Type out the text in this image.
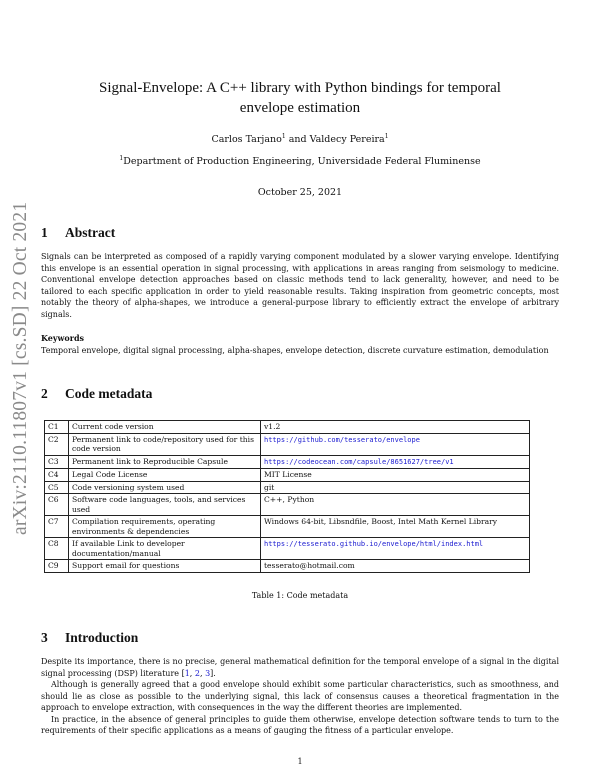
arXiv:2110.11807v1 [cs.SD] 22 Oct 2021
Signal-Envelope: A C++ library with Python bindings for temporal
envelope estimation
Carlos Tarjano$^1$ and Valdecy Pereira$^1$
$^1$Department of Production Engineering, Universidade Federal Fluminense
October 25, 2021
1 Abstract

Signals can be interpreted as composed of a rapidly varying component modulated by a slower varying envelope. Identifying this envelope is an essential operation in signal processing, with applications in areas ranging from seismology to medicine. Conventional envelope detection approaches based on classic methods tend to lack generality, however, and need to be tailored to each specific application in order to yield reasonable results. Taking inspiration from geometric concepts, most notably the theory of alpha-shapes, we introduce a general-purpose library to efficiently extract the envelope of arbitrary signals.

Keywords

Temporal envelope, digital signal processing, alpha-shapes, envelope detection, discrete curvature estimation, demodulation

2 Code metadata
C1	Current code version	v1.2
C2	Permanent link to code/repository used for this code version	https://github.com/tesserato/envelope
C3	Permanent link to Reproducible Capsule	https://codeocean.com/capsule/8651627/tree/v1
C4	Legal Code License	MIT License
C5	Code versioning system used	git
C6	Software code languages, tools, and services used	C++, Python
C7	Compilation requirements, operating environments & dependencies	Windows 64-bit, Libsndfile, Boost, Intel Math Kernel Library
C8	If available Link to developer documentation/manual	https://tesserato.github.io/envelope/html/index.html
C9	Support email for questions	tesserato@hotmail.com
Table 1: Code metadata
3 Introduction

Despite its importance, there is no precise, general mathematical definition for the temporal envelope of a signal in the digital signal processing (DSP) literature [1, 2, 3].

Although is generally agreed that a good envelope should exhibit some particular characteristics, such as smoothness, and should lie as close as possible to the underlying signal, this lack of consensus causes a theoretical fragmentation in the approach to envelope extraction, with consequences in the way the different theories are implemented.

In practice, in the absence of general principles to guide them otherwise, envelope detection software tends to turn to the requirements of their specific applications as a means of gauging the fitness of a particular envelope.

1
